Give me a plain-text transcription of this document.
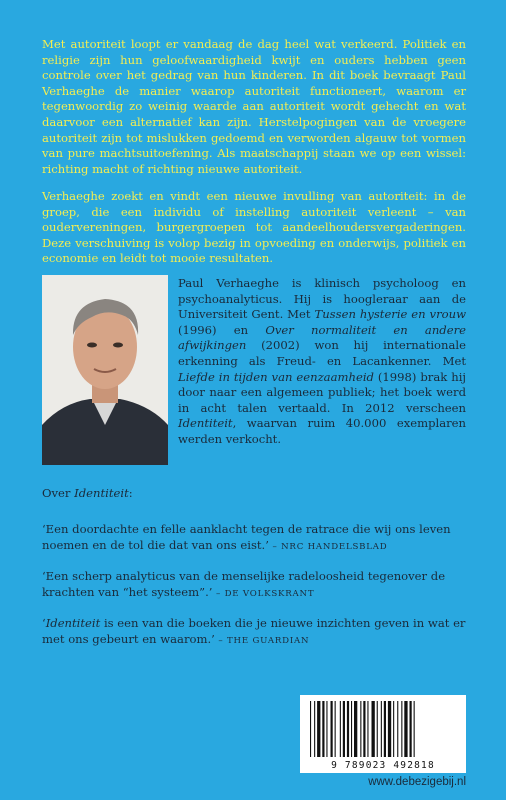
Met autoriteit loopt er vandaag de dag heel wat verkeerd. Politiek en religie zijn hun geloofwaardigheid kwijt en ouders hebben geen controle over het gedrag van hun kinderen. In dit boek bevraagt Paul Verhaeghe de manier waarop autoriteit functioneert, waarom er tegenwoordig zo weinig waarde aan autoriteit wordt gehecht en wat daarvoor een alternatief kan zijn. Herstelpogingen van de vroegere autoriteit zijn tot mislukken gedoemd en verworden algauw tot vormen van pure machtsuitoefening. Als maatschappij staan we op een wissel: richting macht of richting nieuwe autoriteit.

Verhaeghe zoekt en vindt een nieuwe invulling van autoriteit: in de groep, die een individu of instelling autoriteit verleent – van oudervereningen, burgergroepen tot aandeelhoudersvergaderingen. Deze verschuiving is volop bezig in opvoeding en onderwijs, politiek en economie en leidt tot mooie resultaten.

Paul Verhaeghe is klinisch psycholoog en psychoanalyticus. Hij is hoogleraar aan de Universiteit Gent. Met Tussen hysterie en vrouw (1996) en Over normaliteit en andere afwijkingen (2002) won hij internationale erkenning als Freud- en Lacankenner. Met Liefde in tijden van eenzaamheid (1998) brak hij door naar een algemeen publiek; het boek werd in acht talen vertaald. In 2012 verscheen Identiteit, waarvan ruim 40.000 exemplaren werden verkocht.

Over Identiteit:

‘Een doordachte en felle aanklacht tegen de ratrace die wij ons leven noemen en de tol die dat van ons eist.’ – NRC HANDELSBLAD

‘Een scherp analyticus van de menselijke radeloosheid tegenover de krachten van “het systeem”.’ – DE VOLKSKRANT

‘Identiteit is een van die boeken die je nieuwe inzichten geven in wat er met ons gebeurt en waarom.’ – THE GUARDIAN

9 789023 492818
www.debezigebij.nl
